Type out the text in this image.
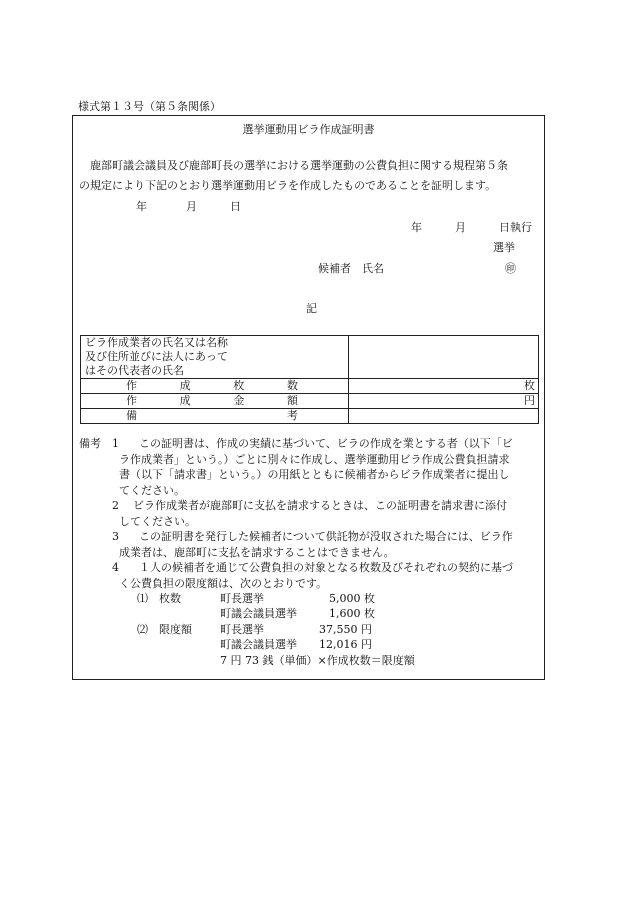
様式第１３号（第５条関係）
選挙運動用ビラ作成証明書
鹿部町議会議員及び鹿部町長の選挙における選挙運動の公費負担に関する規程第５条
の規定により下記のとおり選挙運動用ビラを作成したものであることを証明します。
年	月	日
年	月	日執行
選挙
候補者　氏名	㊞
記
ビラ作成業者の氏名又は名称
及び住所並びに法人にあって
はその代表者の氏名	

作成枚数	枚
作成金額	円
備考	
備考 1	この証明書は、作成の実績に基づいて、ビラの作成を業とする者（以下「ビ
ラ作成業者」という。）ごとに別々に作成し、選挙運動用ビラ作成公費負担請求
書（以下「請求書」という。）の用紙とともに候補者からビラ作成業者に提出し
てください。
2	ビラ作成業者が鹿部町に支払を請求するときは、この証明書を請求書に添付
してください。
3	この証明書を発行した候補者について供託物が没収された場合には、ビラ作
成業者は、鹿部町に支払を請求することはできません。
4	１人の候補者を通じて公費負担の対象となる枚数及びそれぞれの契約に基づ
く公費負担の限度額は、次のとおりです。
⑴　枚数	町長選挙	5,000 枚
町議会議員選挙	1,600 枚
⑵　限度額	町長選挙	37,550 円
町議会議員選挙 12,016 円
7 円 73 銭（単価）×作成枚数＝限度額
